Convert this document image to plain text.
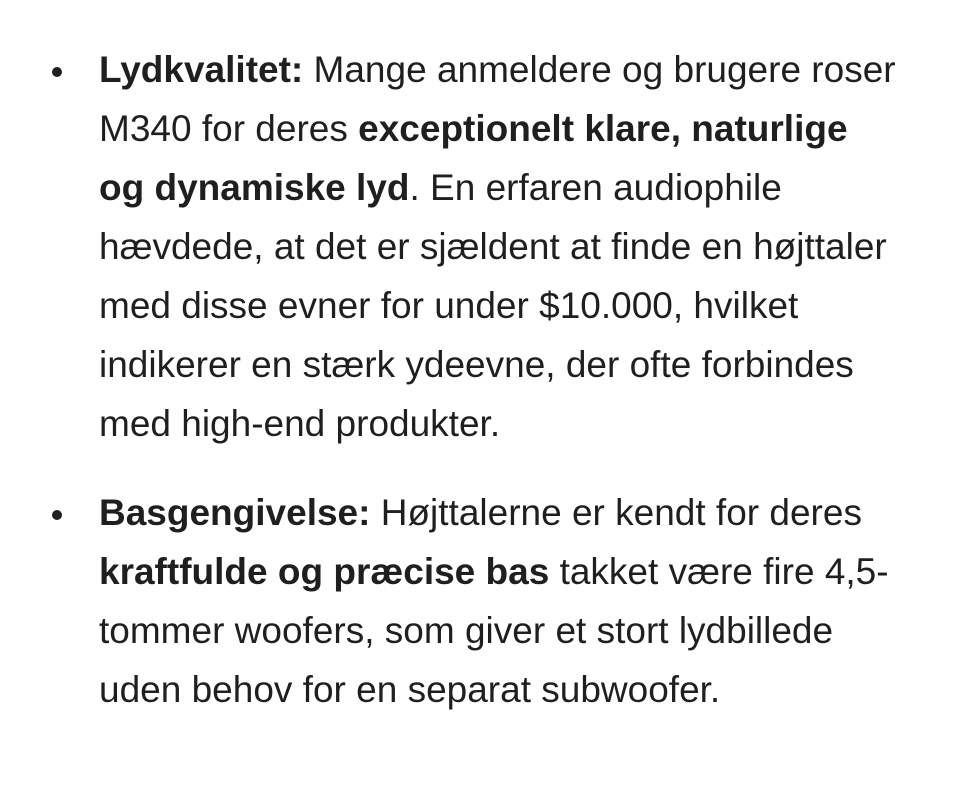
Lydkvalitet: Mange anmeldere og brugere roser M340 for deres exceptionelt klare, naturlige og dynamiske lyd. En erfaren audiophile hævdede, at det er sjældent at finde en højttaler med disse evner for under $10.000, hvilket indikerer en stærk ydeevne, der ofte forbindes med high-end produkter.
Basgengivelse: Højttalerne er kendt for deres kraftfulde og præcise bas takket være fire 4,5-tommer woofers, som giver et stort lydbillede uden behov for en separat subwoofer.
